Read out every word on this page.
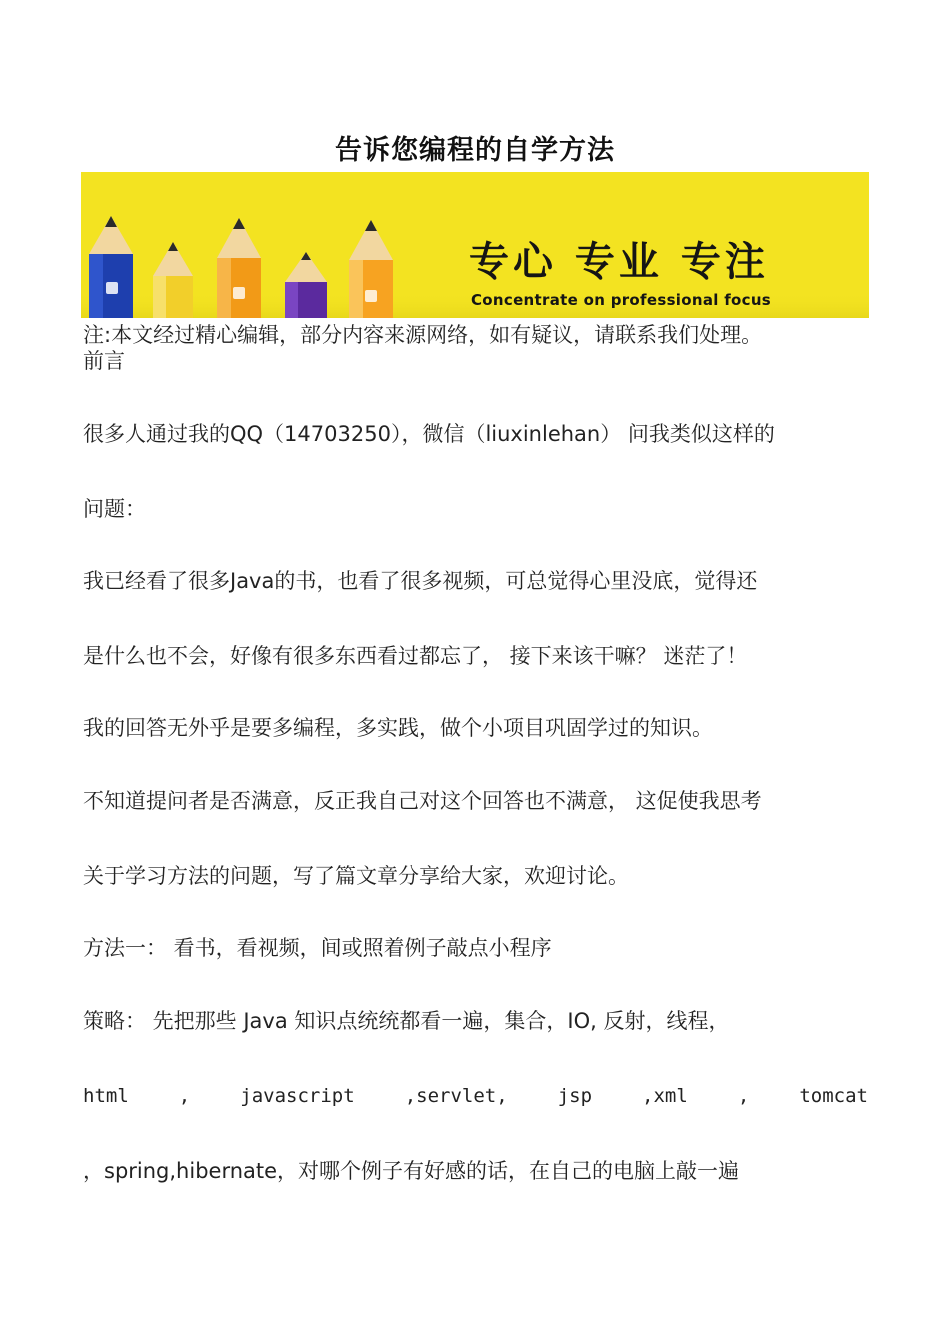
告诉您编程的自学方法
专心 专业 专注
Concentrate on professional focus
注:本文经过精心编辑，部分内容来源网络，如有疑议，请联系我们处理。
前言
很多人通过我的QQ（14703250），微信（liuxinlehan） 问我类似这样的
问题：
我已经看了很多Java的书，也看了很多视频，可总觉得心里没底，觉得还
是什么也不会，好像有很多东西看过都忘了， 接下来该干嘛？ 迷茫了！
我的回答无外乎是要多编程，多实践，做个小项目巩固学过的知识。
不知道提问者是否满意，反正我自己对这个回答也不满意， 这促使我思考
关于学习方法的问题，写了篇文章分享给大家，欢迎讨论。
方法一： 看书，看视频，间或照着例子敲点小程序
策略： 先把那些 Java 知识点统统都看一遍，集合，IO, 反射，线程，
html	,	javascript	,servlet,	jsp	,xml	,	tomcat
，spring,hibernate，对哪个例子有好感的话，在自己的电脑上敲一遍
